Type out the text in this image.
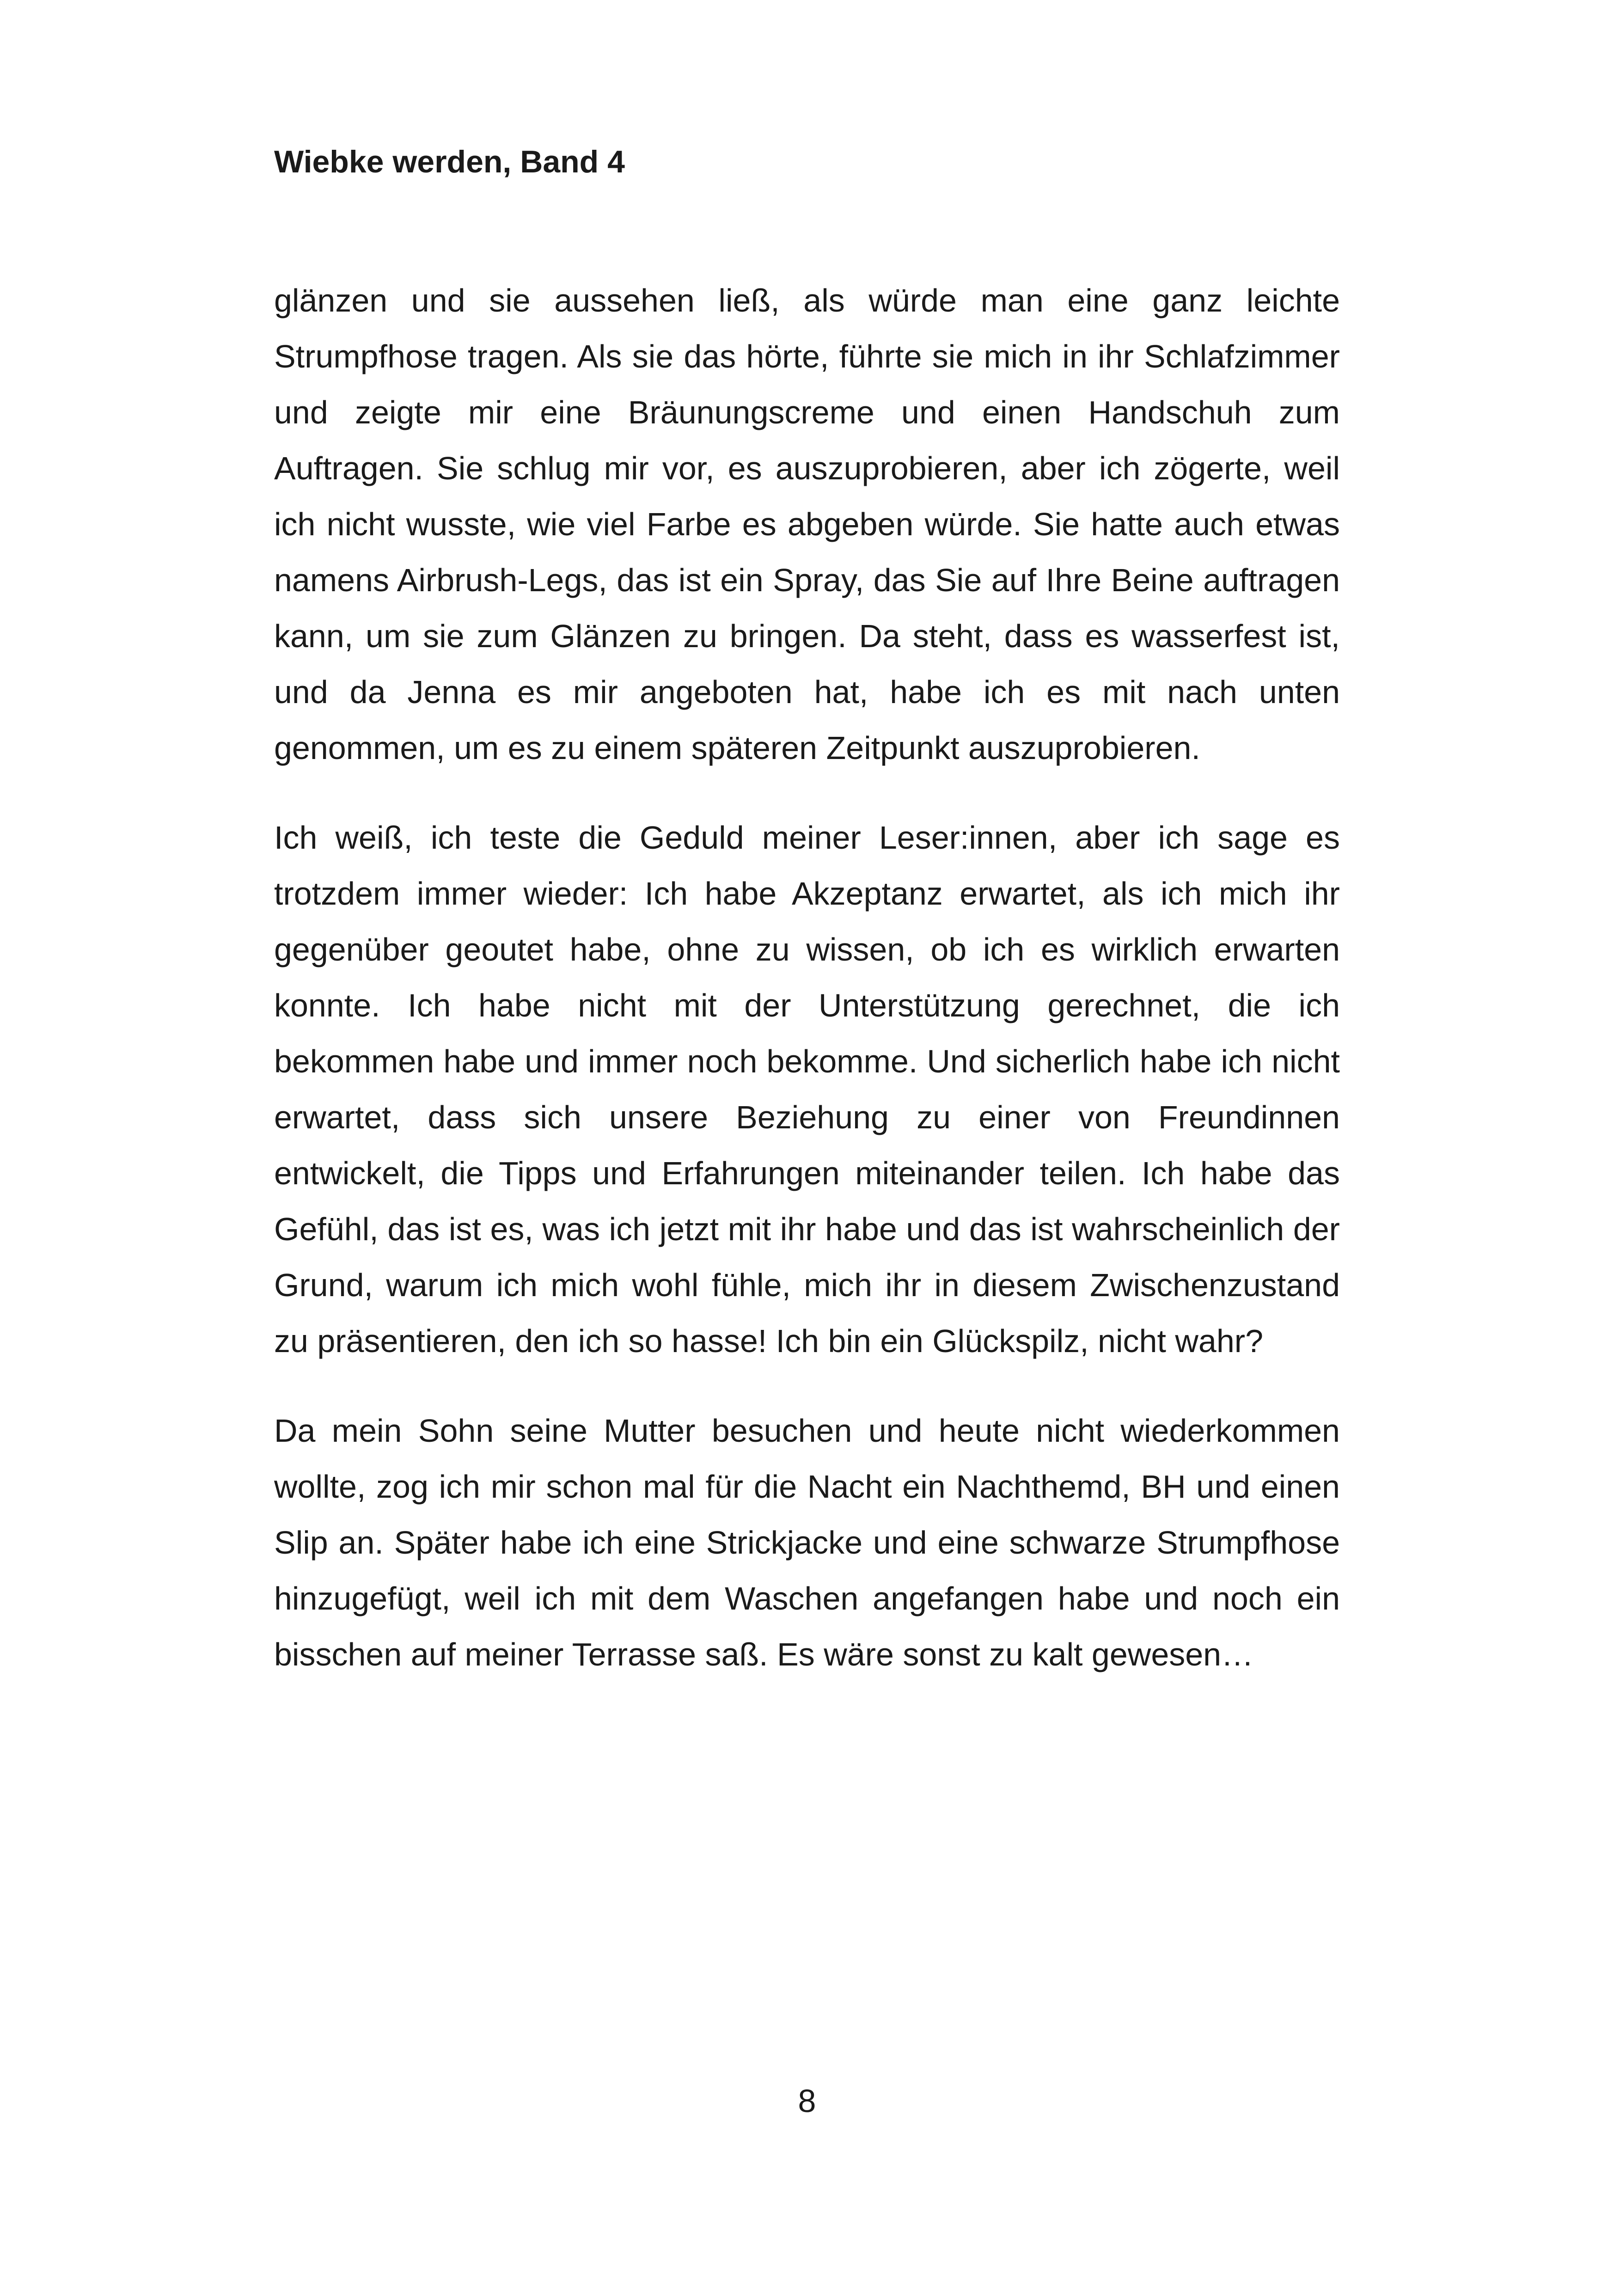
Wiebke werden, Band 4

glänzen und sie aussehen ließ, als würde man eine ganz leichte Strumpfhose tragen. Als sie das hörte, führte sie mich in ihr Schlafzimmer und zeigte mir eine Bräunungscreme und einen Handschuh zum Auftragen. Sie schlug mir vor, es auszuprobieren, aber ich zögerte, weil ich nicht wusste, wie viel Farbe es abgeben würde. Sie hatte auch etwas namens Airbrush-Legs, das ist ein Spray, das Sie auf Ihre Beine auftragen kann, um sie zum Glänzen zu bringen. Da steht, dass es wasserfest ist, und da Jenna es mir angeboten hat, habe ich es mit nach unten genommen, um es zu einem späteren Zeitpunkt auszuprobieren.

Ich weiß, ich teste die Geduld meiner Leser:innen, aber ich sage es trotzdem immer wieder: Ich habe Akzeptanz erwartet, als ich mich ihr gegenüber geoutet habe, ohne zu wissen, ob ich es wirklich erwarten konnte. Ich habe nicht mit der Unterstützung gerechnet, die ich bekommen habe und immer noch bekomme. Und sicherlich habe ich nicht erwartet, dass sich unsere Beziehung zu einer von Freundinnen entwickelt, die Tipps und Erfahrungen miteinander teilen. Ich habe das Gefühl, das ist es, was ich jetzt mit ihr habe und das ist wahrscheinlich der Grund, warum ich mich wohl fühle, mich ihr in diesem Zwischenzustand zu präsentieren, den ich so hasse! Ich bin ein Glückspilz, nicht wahr?

Da mein Sohn seine Mutter besuchen und heute nicht wiederkommen wollte, zog ich mir schon mal für die Nacht ein Nachthemd, BH und einen Slip an. Später habe ich eine Strickjacke und eine schwarze Strumpfhose hinzugefügt, weil ich mit dem Waschen angefangen habe und noch ein bisschen auf meiner Terrasse saß. Es wäre sonst zu kalt gewesen…

8
